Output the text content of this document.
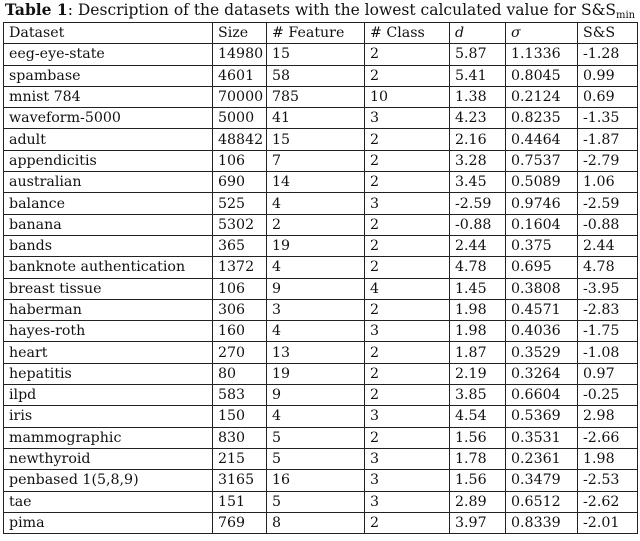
Table 1: Description of the datasets with the lowest calculated value for $S\&S_{min}$
Dataset	Size	# Feature	# Class	d	σ	S&S
eeg-eye-state	14980	15	2	5.87	1.1336	-1.28
spambase	4601	58	2	5.41	0.8045	0.99
mnist 784	70000	785	10	1.38	0.2124	0.69
waveform-5000	5000	41	3	4.23	0.8235	-1.35
adult	48842	15	2	2.16	0.4464	-1.87
appendicitis	106	7	2	3.28	0.7537	-2.79
australian	690	14	2	3.45	0.5089	1.06
balance	525	4	3	-2.59	0.9746	-2.59
banana	5302	2	2	-0.88	0.1604	-0.88
bands	365	19	2	2.44	0.375	2.44
banknote authentication	1372	4	2	4.78	0.695	4.78
breast tissue	106	9	4	1.45	0.3808	-3.95
haberman	306	3	2	1.98	0.4571	-2.83
hayes-roth	160	4	3	1.98	0.4036	-1.75
heart	270	13	2	1.87	0.3529	-1.08
hepatitis	80	19	2	2.19	0.3264	0.97
ilpd	583	9	2	3.85	0.6604	-0.25
iris	150	4	3	4.54	0.5369	2.98
mammographic	830	5	2	1.56	0.3531	-2.66
newthyroid	215	5	3	1.78	0.2361	1.98
penbased 1(5,8,9)	3165	16	3	1.56	0.3479	-2.53
tae	151	5	3	2.89	0.6512	-2.62
pima	769	8	2	3.97	0.8339	-2.01
